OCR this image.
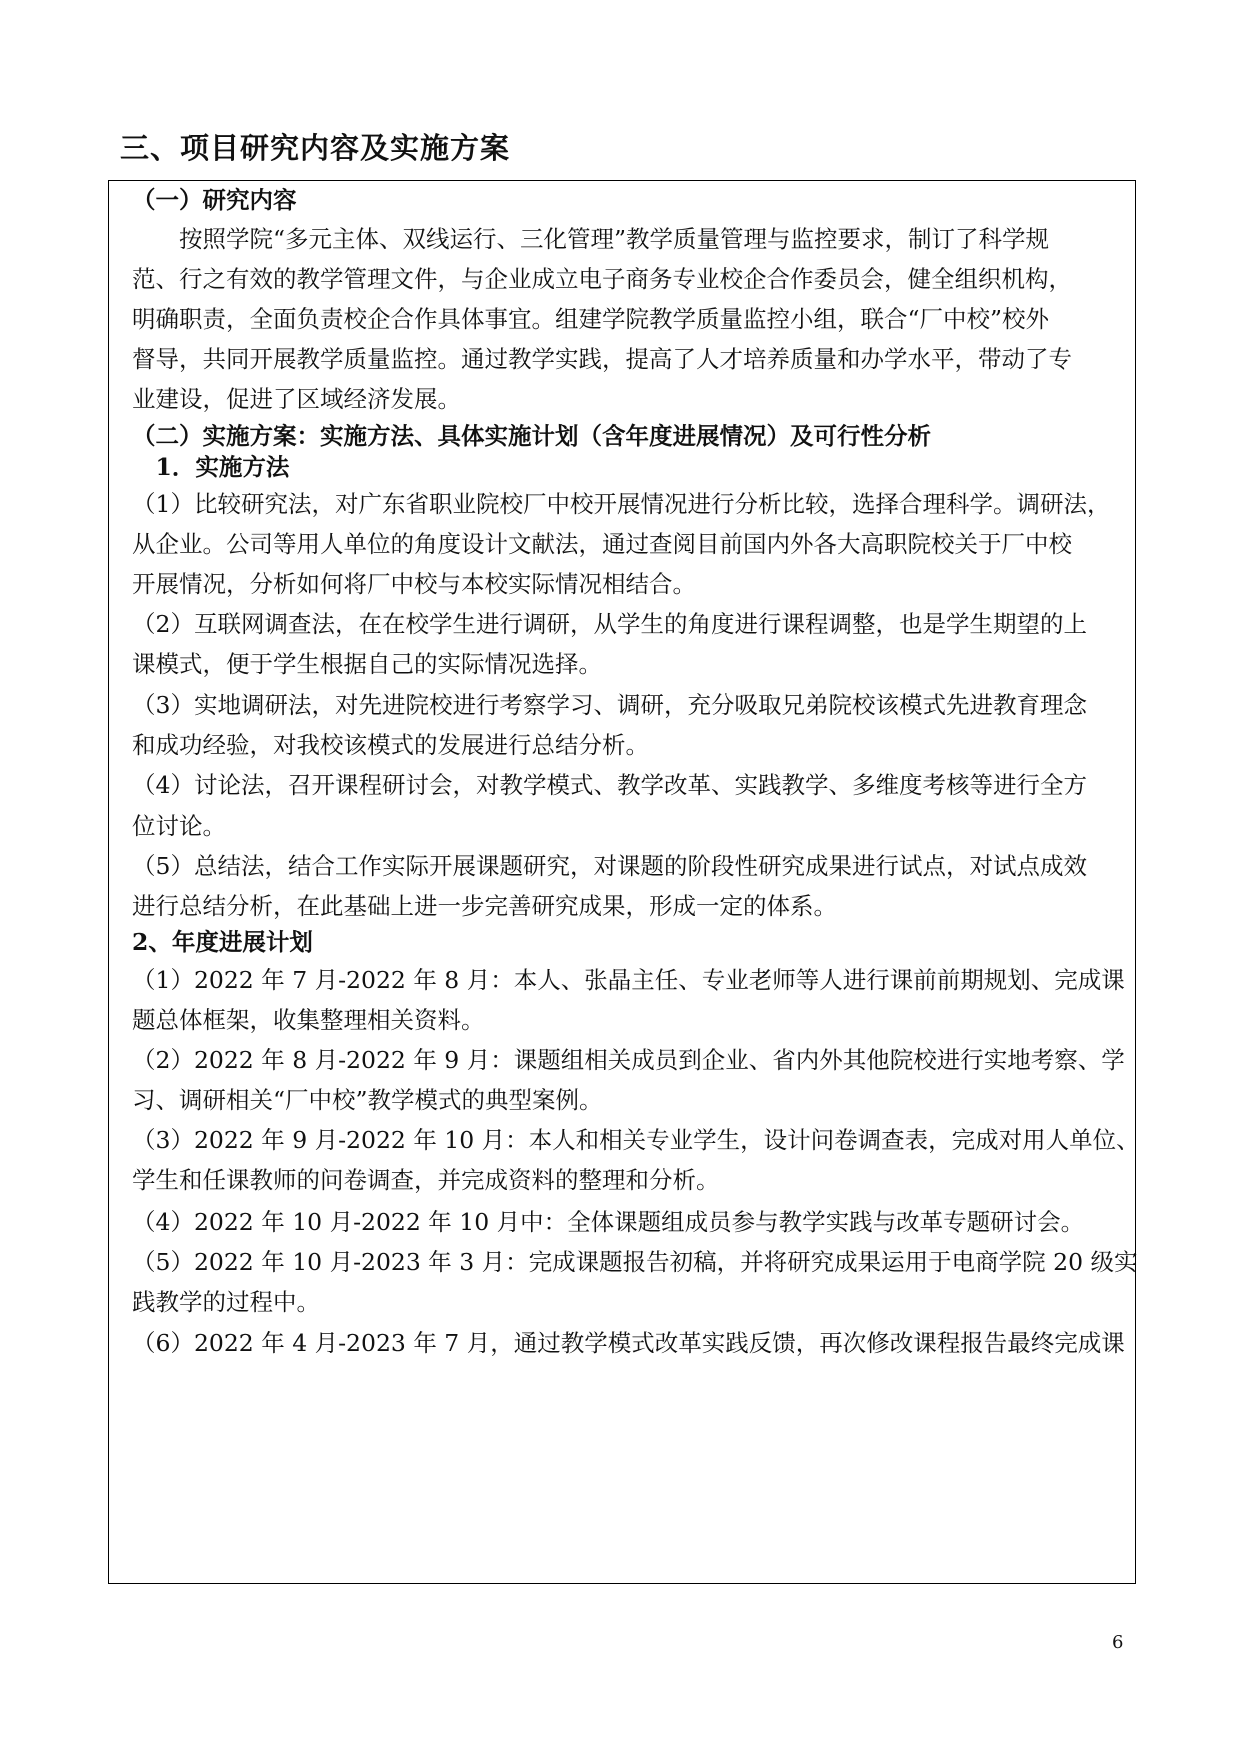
三、项目研究内容及实施方案

（一）研究内容

　　按照学院“多元主体、双线运行、三化管理”教学质量管理与监控要求，制订了科学规

范、行之有效的教学管理文件，与企业成立电子商务专业校企合作委员会，健全组织机构，

明确职责，全面负责校企合作具体事宜。组建学院教学质量监控小组，联合“厂中校”校外

督导，共同开展教学质量监控。通过教学实践，提高了人才培养质量和办学水平，带动了专

业建设，促进了区域经济发展。

（二）实施方案：实施方法、具体实施计划（含年度进展情况）及可行性分析

　1．实施方法

（1）比较研究法，对广东省职业院校厂中校开展情况进行分析比较，选择合理科学。调研法，

从企业。公司等用人单位的角度设计文献法，通过查阅目前国内外各大高职院校关于厂中校

开展情况，分析如何将厂中校与本校实际情况相结合。

（2）互联网调查法，在在校学生进行调研，从学生的角度进行课程调整，也是学生期望的上

课模式，便于学生根据自己的实际情况选择。

（3）实地调研法，对先进院校进行考察学习、调研，充分吸取兄弟院校该模式先进教育理念

和成功经验，对我校该模式的发展进行总结分析。

（4）讨论法，召开课程研讨会，对教学模式、教学改革、实践教学、多维度考核等进行全方

位讨论。

（5）总结法，结合工作实际开展课题研究，对课题的阶段性研究成果进行试点，对试点成效

进行总结分析，在此基础上进一步完善研究成果，形成一定的体系。

2、年度进展计划

（1）2022 年 7 月-2022 年 8 月：本人、张晶主任、专业老师等人进行课前前期规划、完成课

题总体框架，收集整理相关资料。

（2）2022 年 8 月-2022 年 9 月：课题组相关成员到企业、省内外其他院校进行实地考察、学

习、调研相关“厂中校”教学模式的典型案例。

（3）2022 年 9 月-2022 年 10 月：本人和相关专业学生，设计问卷调查表，完成对用人单位、

学生和任课教师的问卷调查，并完成资料的整理和分析。

（4）2022 年 10 月-2022 年 10 月中：全体课题组成员参与教学实践与改革专题研讨会。

（5）2022 年 10 月-2023 年 3 月：完成课题报告初稿，并将研究成果运用于电商学院 20 级实

践教学的过程中。

（6）2022 年 4 月-2023 年 7 月，通过教学模式改革实践反馈，再次修改课程报告最终完成课

6
